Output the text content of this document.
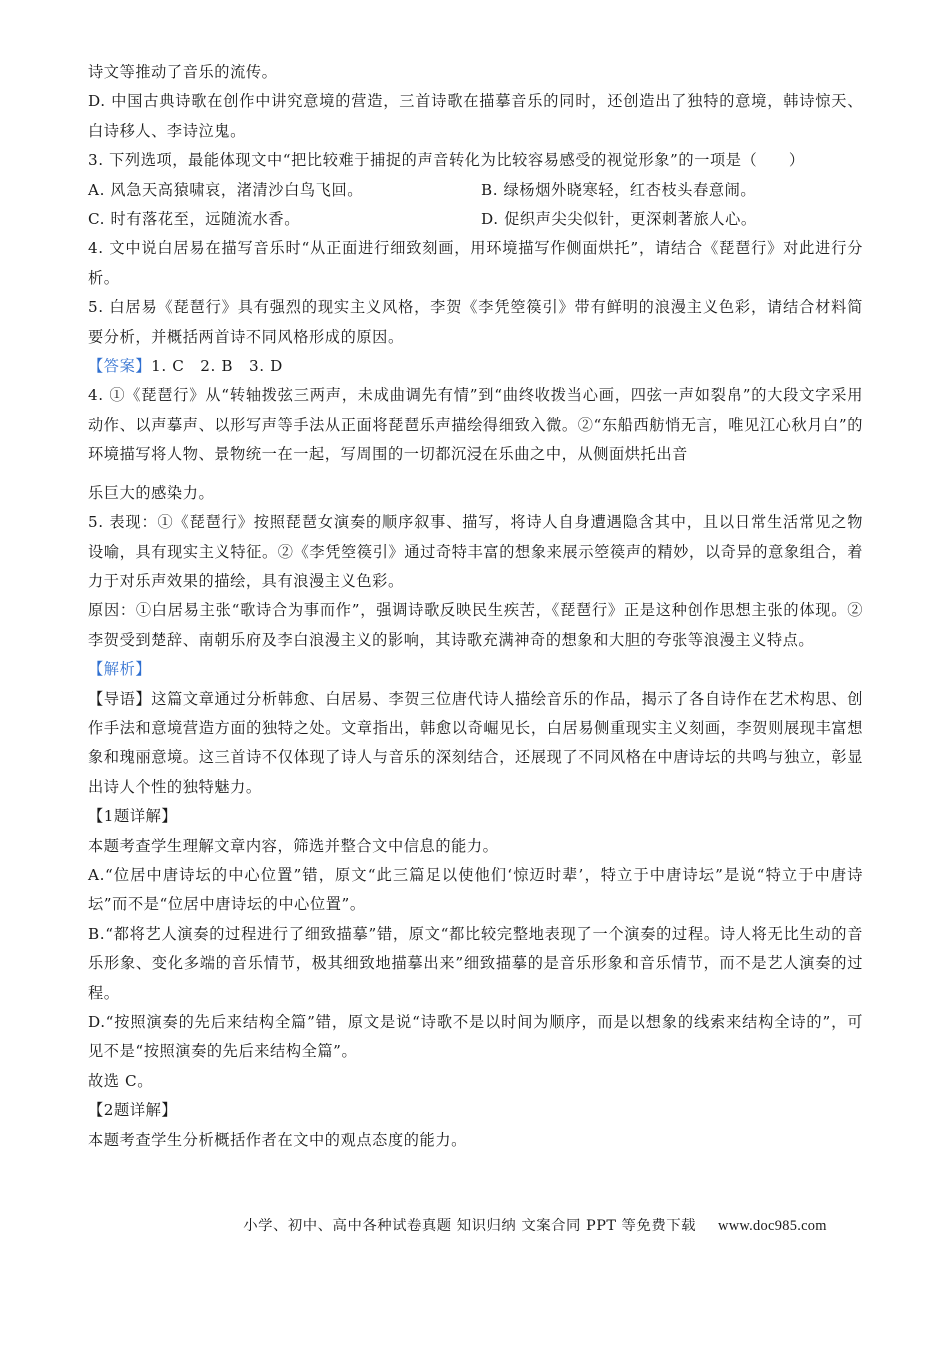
诗文等推动了音乐的流传。

D. 中国古典诗歌在创作中讲究意境的营造，三首诗歌在描摹音乐的同时，还创造出了独特的意境，韩诗惊天、白诗移人、李诗泣鬼。

3. 下列选项，最能体现文中“把比较难于捕捉的声音转化为比较容易感受的视觉形象”的一项是（　　）

A. 风急天高猿啸哀，渚清沙白鸟飞回。	B. 绿杨烟外晓寒轻，红杏枝头春意闹。
C. 时有落花至，远随流水香。	D. 促织声尖尖似针，更深刺著旅人心。

4. 文中说白居易在描写音乐时“从正面进行细致刻画，用环境描写作侧面烘托”，请结合《琵琶行》对此进行分析。

5. 白居易《琵琶行》具有强烈的现实主义风格，李贺《李凭箜篌引》带有鲜明的浪漫主义色彩，请结合材料简要分析，并概括两首诗不同风格形成的原因。

【答案】1. C　2. B　3. D

4. ①《琵琶行》从“转轴拨弦三两声，未成曲调先有情”到“曲终收拨当心画，四弦一声如裂帛”的大段文字采用动作、以声摹声、以形写声等手法从正面将琵琶乐声描绘得细致入微。②“东船西舫悄无言，唯见江心秋月白”的环境描写将人物、景物统一在一起，写周围的一切都沉浸在乐曲之中，从侧面烘托出音

乐巨大的感染力。

5. 表现：①《琵琶行》按照琵琶女演奏的顺序叙事、描写，将诗人自身遭遇隐含其中，且以日常生活常见之物设喻，具有现实主义特征。②《李凭箜篌引》通过奇特丰富的想象来展示箜篌声的精妙，以奇异的意象组合，着力于对乐声效果的描绘，具有浪漫主义色彩。

原因：①白居易主张“歌诗合为事而作”，强调诗歌反映民生疾苦，《琵琶行》正是这种创作思想主张的体现。②李贺受到楚辞、南朝乐府及李白浪漫主义的影响，其诗歌充满神奇的想象和大胆的夸张等浪漫主义特点。

【解析】

【导语】这篇文章通过分析韩愈、白居易、李贺三位唐代诗人描绘音乐的作品，揭示了各自诗作在艺术构思、创作手法和意境营造方面的独特之处。文章指出，韩愈以奇崛见长，白居易侧重现实主义刻画，李贺则展现丰富想象和瑰丽意境。这三首诗不仅体现了诗人与音乐的深刻结合，还展现了不同风格在中唐诗坛的共鸣与独立，彰显出诗人个性的独特魅力。

【1题详解】

本题考查学生理解文章内容，筛选并整合文中信息的能力。

A.“位居中唐诗坛的中心位置”错，原文“此三篇足以使他们‘惊迈时辈’，特立于中唐诗坛”是说“特立于中唐诗坛”而不是“位居中唐诗坛的中心位置”。

B.“都将艺人演奏的过程进行了细致描摹”错，原文“都比较完整地表现了一个演奏的过程。诗人将无比生动的音乐形象、变化多端的音乐情节，极其细致地描摹出来”细致描摹的是音乐形象和音乐情节，而不是艺人演奏的过程。

D.“按照演奏的先后来结构全篇”错，原文是说“诗歌不是以时间为顺序，而是以想象的线索来结构全诗的”，可见不是“按照演奏的先后来结构全篇”。

故选 C。

【2题详解】

本题考查学生分析概括作者在文中的观点态度的能力。

小学、初中、高中各种试卷真题 知识归纳 文案合同 PPT 等免费下载 www.doc985.com
